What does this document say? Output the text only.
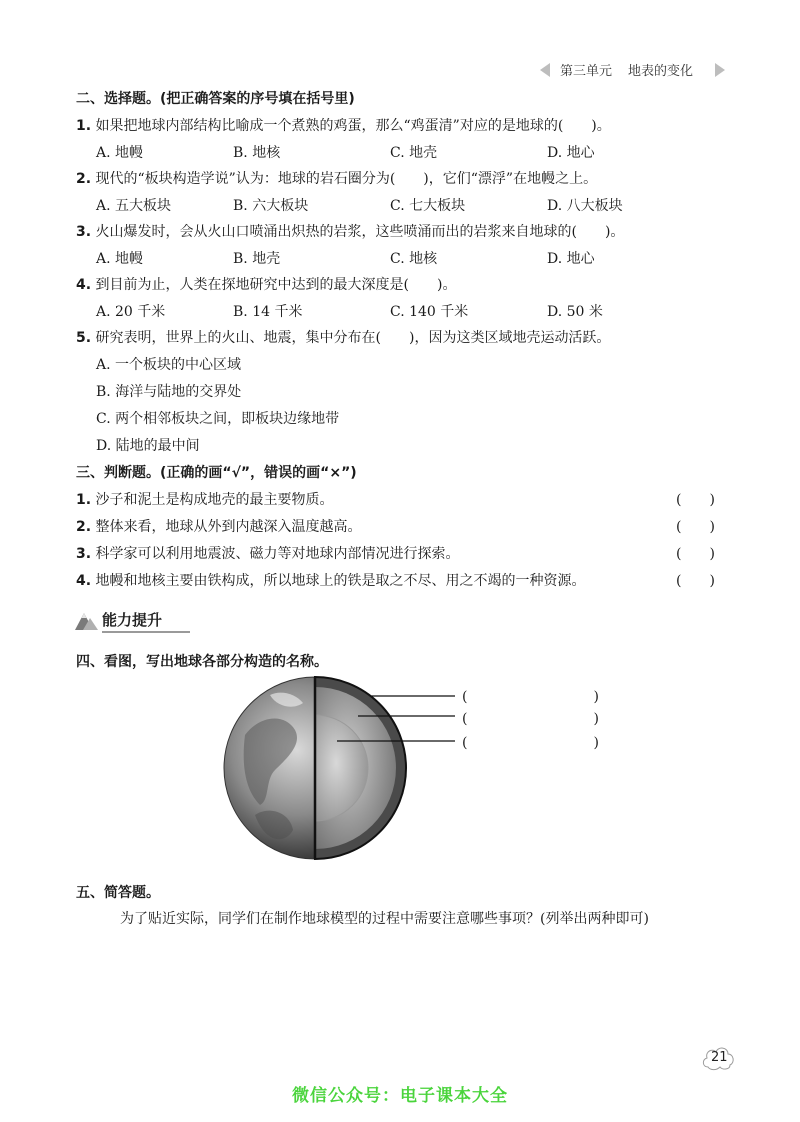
第三单元 地表的变化
二、选择题。(把正确答案的序号填在括号里)
1. 如果把地球内部结构比喻成一个煮熟的鸡蛋，那么“鸡蛋清”对应的是地球的(　　)。
A. 地幔	B. 地核	C. 地壳	D. 地心
2. 现代的“板块构造学说”认为：地球的岩石圈分为(　　)，它们“漂浮”在地幔之上。
A. 五大板块	B. 六大板块	C. 七大板块	D. 八大板块
3. 火山爆发时，会从火山口喷涌出炽热的岩浆，这些喷涌而出的岩浆来自地球的(　　)。
A. 地幔	B. 地壳	C. 地核	D. 地心
4. 到目前为止，人类在探地研究中达到的最大深度是(　　)。
A. 20 千米	B. 14 千米	C. 140 千米	D. 50 米
5. 研究表明，世界上的火山、地震，集中分布在(　　)，因为这类区域地壳运动活跃。
A. 一个板块的中心区域
B. 海洋与陆地的交界处
C. 两个相邻板块之间，即板块边缘地带
D. 陆地的最中间
三、判断题。(正确的画“√”，错误的画“×”)
1. 沙子和泥土是构成地壳的最主要物质。	(　　)
2. 整体来看，地球从外到内越深入温度越高。	(　　)
3. 科学家可以利用地震波、磁力等对地球内部情况进行探索。	(　　)
4. 地幔和地核主要由铁构成，所以地球上的铁是取之不尽、用之不竭的一种资源。	(　　)
能力提升
四、看图，写出地球各部分构造的名称。
(　　　　　　　　　)
(　　　　　　　　　)
(　　　　　　　　　)
五、简答题。
为了贴近实际，同学们在制作地球模型的过程中需要注意哪些事项？(列举出两种即可)
21
微信公众号：电子课本大全
